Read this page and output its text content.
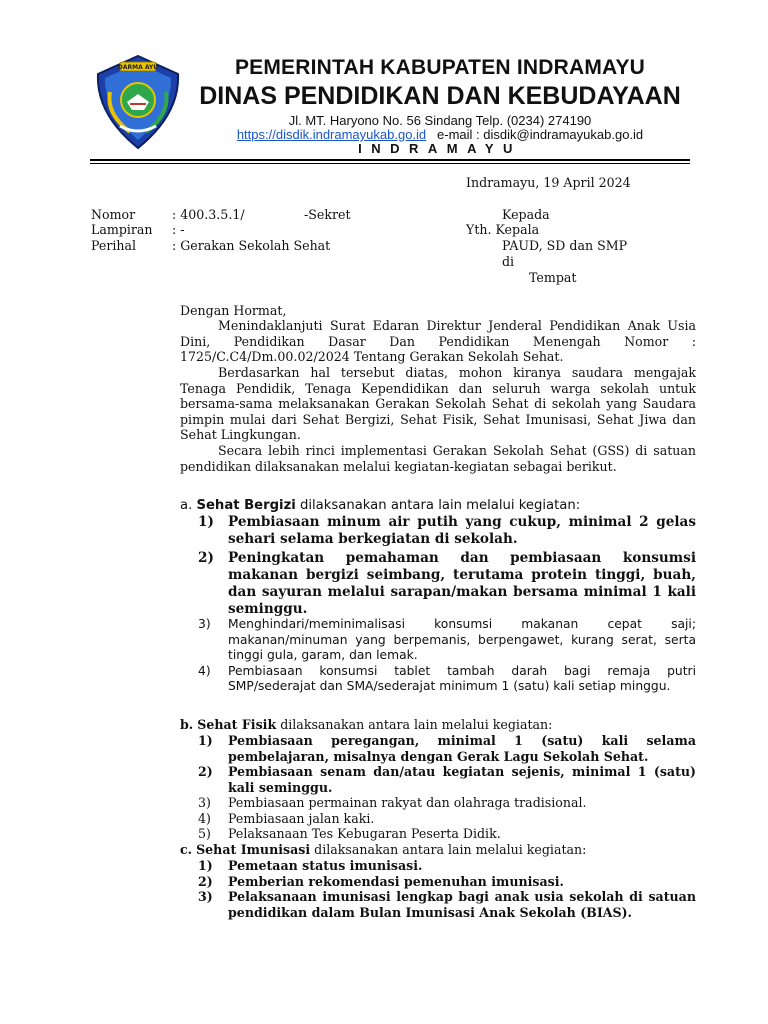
DARMA AYU	PEMERINTAH KABUPATEN INDRAMAYU
DINAS PENDIDIKAN DAN KEBUDAYAAN
Jl. MT. Haryono No. 56 Sindang Telp. (0234) 274190
https://disdik.indramayukab.go.id e-mail : disdik@indramayukab.go.id
INDRAMAYU
Indramayu, 19 April 2024
Nomor	: 400.3.5.1/	-Sekret
Lampiran : -
Perihal	: Gerakan Sekolah Sehat
Kepada
Yth. Kepala
PAUD, SD dan SMP
di
Tempat
Dengan Hormat,
Menindaklanjuti Surat Edaran Direktur Jenderal Pendidikan Anak Usia Dini, Pendidikan Dasar Dan Pendidikan Menengah Nomor : 1725/C.C4/Dm.00.02/2024 Tentang Gerakan Sekolah Sehat.
Berdasarkan hal tersebut diatas, mohon kiranya saudara mengajak Tenaga Pendidik, Tenaga Kependidikan dan seluruh warga sekolah untuk bersama-sama melaksanakan Gerakan Sekolah Sehat di sekolah yang Saudara pimpin mulai dari Sehat Bergizi, Sehat Fisik, Sehat Imunisasi, Sehat Jiwa dan Sehat Lingkungan.
Secara lebih rinci implementasi Gerakan Sekolah Sehat (GSS) di satuan pendidikan dilaksanakan melalui kegiatan-kegiatan sebagai berikut.
a. Sehat Bergizi dilaksanakan antara lain melalui kegiatan:
1)	Pembiasaan minum air putih yang cukup, minimal 2 gelas sehari selama berkegiatan di sekolah.
2)	Peningkatan pemahaman dan pembiasaan konsumsi makanan bergizi seimbang, terutama protein tinggi, buah, dan sayuran melalui sarapan/makan bersama minimal 1 kali seminggu.
3)	Menghindari/meminimalisasi konsumsi makanan cepat saji; makanan/minuman yang berpemanis, berpengawet, kurang serat, serta tinggi gula, garam, dan lemak.
4)	Pembiasaan konsumsi tablet tambah darah bagi remaja putri SMP/sederajat dan SMA/sederajat minimum 1 (satu) kali setiap minggu.
b. Sehat Fisik dilaksanakan antara lain melalui kegiatan:
1)	Pembiasaan peregangan, minimal 1 (satu) kali selama pembelajaran, misalnya dengan Gerak Lagu Sekolah Sehat.
2)	Pembiasaan senam dan/atau kegiatan sejenis, minimal 1 (satu) kali seminggu.
3)	Pembiasaan permainan rakyat dan olahraga tradisional.
4)	Pembiasaan jalan kaki.
5)	Pelaksanaan Tes Kebugaran Peserta Didik.
c. Sehat Imunisasi dilaksanakan antara lain melalui kegiatan:
1)	Pemetaan status imunisasi.
2)	Pemberian rekomendasi pemenuhan imunisasi.
3)	Pelaksanaan imunisasi lengkap bagi anak usia sekolah di satuan pendidikan dalam Bulan Imunisasi Anak Sekolah (BIAS).
